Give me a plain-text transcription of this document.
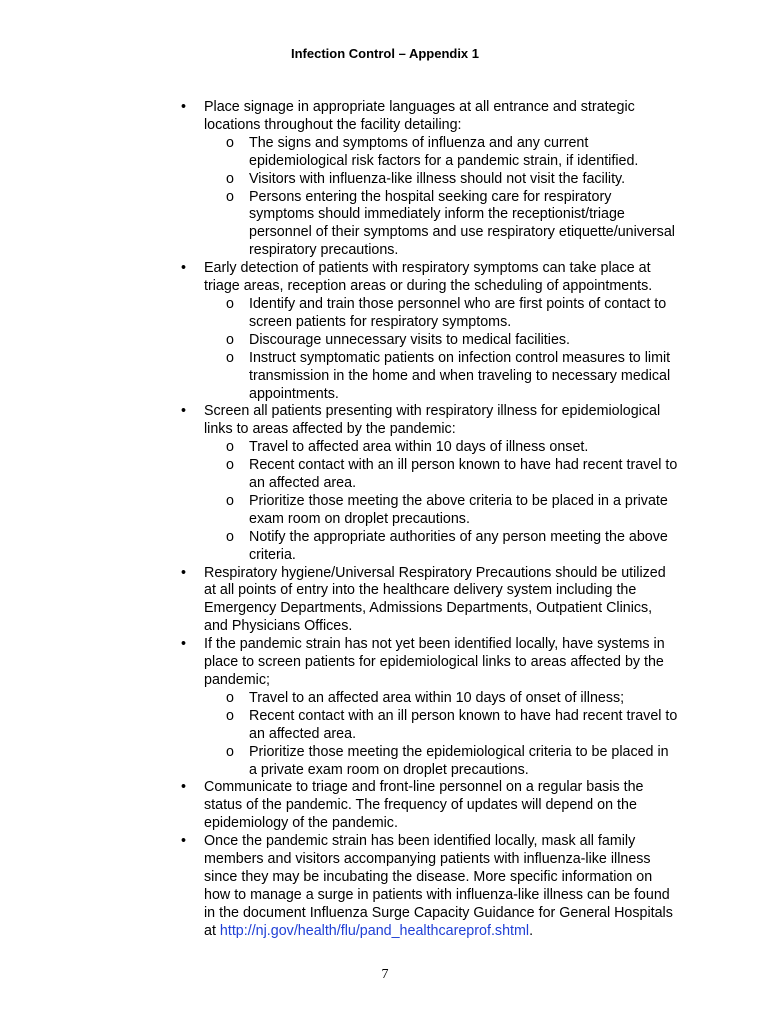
Infection Control – Appendix 1
• Place signage in appropriate languages at all entrance and strategic locations throughout the facility detailing:
o The signs and symptoms of influenza and any current epidemiological risk factors for a pandemic strain, if identified.
o Visitors with influenza-like illness should not visit the facility.
o Persons entering the hospital seeking care for respiratory symptoms should immediately inform the receptionist/triage personnel of their symptoms and use respiratory etiquette/universal respiratory precautions.
• Early detection of patients with respiratory symptoms can take place at triage areas, reception areas or during the scheduling of appointments.
o Identify and train those personnel who are first points of contact to screen patients for respiratory symptoms.
o Discourage unnecessary visits to medical facilities.
o Instruct symptomatic patients on infection control measures to limit transmission in the home and when traveling to necessary medical appointments.
• Screen all patients presenting with respiratory illness for epidemiological links to areas affected by the pandemic:
o Travel to affected area within 10 days of illness onset.
o Recent contact with an ill person known to have had recent travel to an affected area.
o Prioritize those meeting the above criteria to be placed in a private exam room on droplet precautions.
o Notify the appropriate authorities of any person meeting the above criteria.
• Respiratory hygiene/Universal Respiratory Precautions should be utilized at all points of entry into the healthcare delivery system including the Emergency Departments, Admissions Departments, Outpatient Clinics, and Physicians Offices.
• If the pandemic strain has not yet been identified locally, have systems in place to screen patients for epidemiological links to areas affected by the pandemic;
o Travel to an affected area within 10 days of onset of illness;
o Recent contact with an ill person known to have had recent travel to an affected area.
o Prioritize those meeting the epidemiological criteria to be placed in a private exam room on droplet precautions.
• Communicate to triage and front-line personnel on a regular basis the status of the pandemic. The frequency of updates will depend on the epidemiology of the pandemic.
• Once the pandemic strain has been identified locally, mask all family members and visitors accompanying patients with influenza-like illness since they may be incubating the disease. More specific information on how to manage a surge in patients with influenza-like illness can be found in the document Influenza Surge Capacity Guidance for General Hospitals at http://nj.gov/health/flu/pand_healthcareprof.shtml.
7
